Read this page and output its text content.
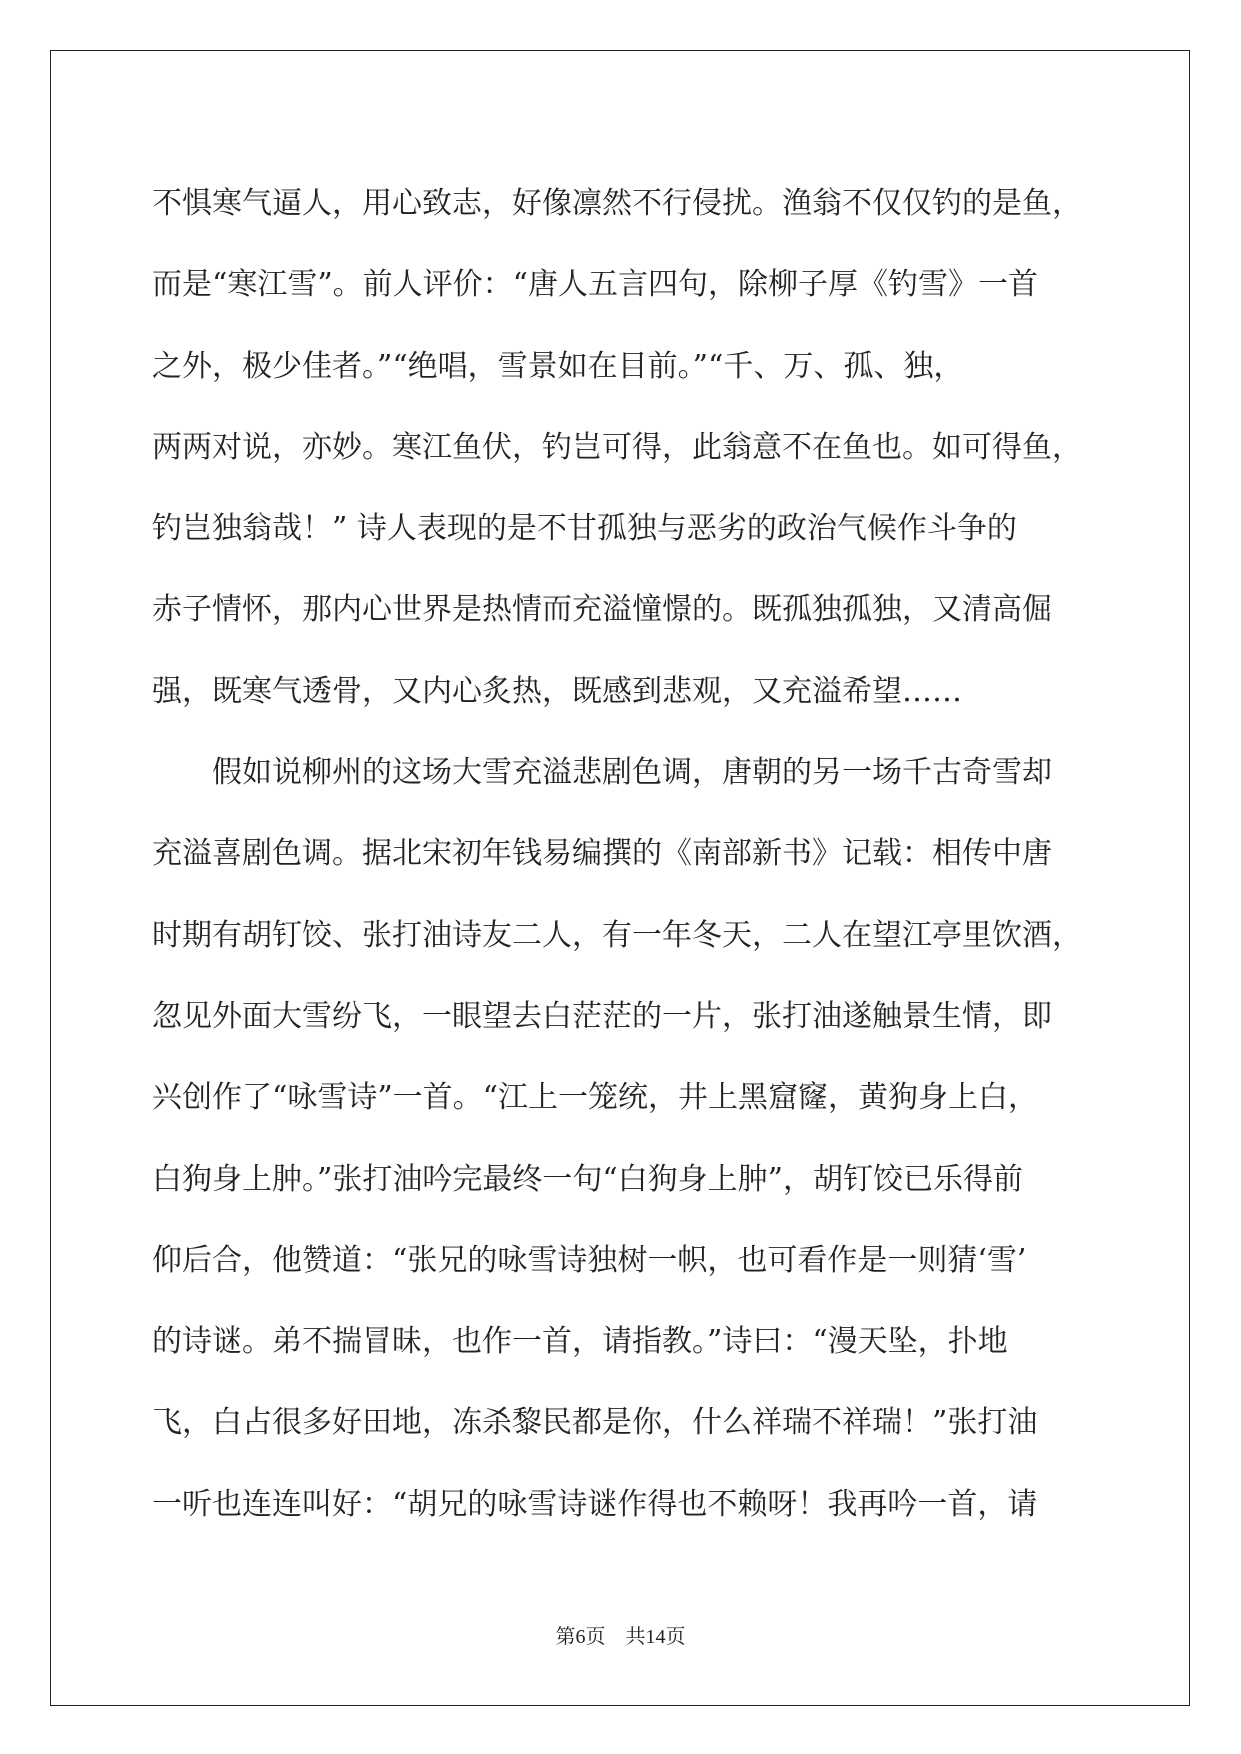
不惧寒气逼人，用心致志，好像凛然不行侵扰。渔翁不仅仅钓的是鱼，
而是“寒江雪”。前人评价：“唐人五言四句，除柳子厚《钓雪》一首
之外，极少佳者。”“绝唱，雪景如在目前。”“千、万、孤、独，
两两对说，亦妙。寒江鱼伏，钓岂可得，此翁意不在鱼也。如可得鱼，
钓岂独翁哉！” 诗人表现的是不甘孤独与恶劣的政治气候作斗争的
赤子情怀，那内心世界是热情而充溢憧憬的。既孤独孤独，又清高倔
强，既寒气透骨，又内心炙热，既感到悲观，又充溢希望……
　　假如说柳州的这场大雪充溢悲剧色调，唐朝的另一场千古奇雪却
充溢喜剧色调。据北宋初年钱易编撰的《南部新书》记载：相传中唐
时期有胡钉饺、张打油诗友二人，有一年冬天，二人在望江亭里饮酒，
忽见外面大雪纷飞，一眼望去白茫茫的一片，张打油遂触景生情，即
兴创作了“咏雪诗”一首。“江上一笼统，井上黑窟窿，黄狗身上白，
白狗身上肿。”张打油吟完最终一句“白狗身上肿”，胡钉饺已乐得前
仰后合，他赞道：“张兄的咏雪诗独树一帜，也可看作是一则猜‘雪’
的诗谜。弟不揣冒昧，也作一首，请指教。”诗曰：“漫天坠，扑地
飞，白占很多好田地，冻杀黎民都是你，什么祥瑞不祥瑞！”张打油
一听也连连叫好：“胡兄的咏雪诗谜作得也不赖呀！我再吟一首，请
第6页　共14页
